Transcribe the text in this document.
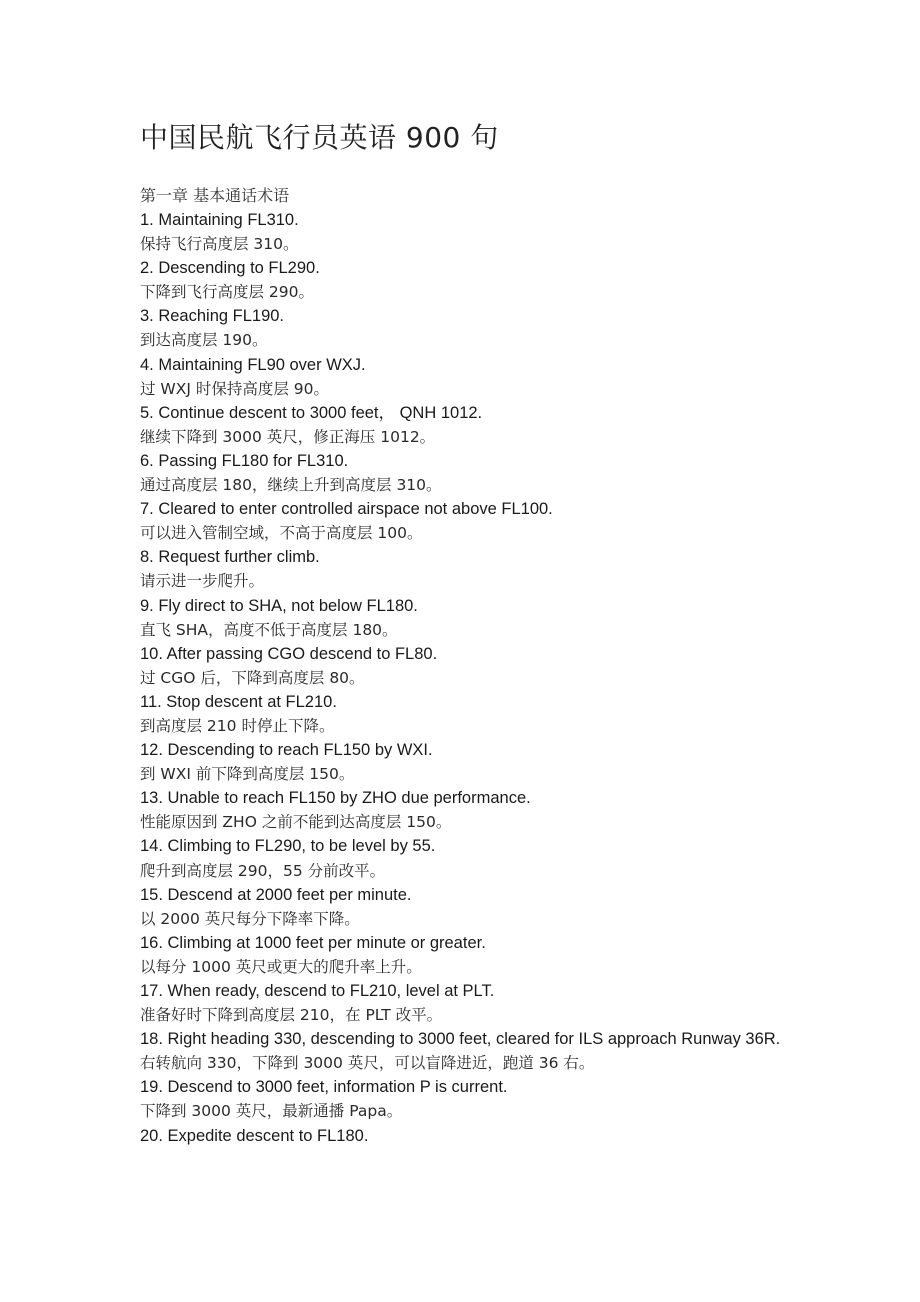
中国民航飞行员英语 900 句
第一章 基本通话术语
1. Maintaining FL310.
保持飞行高度层 310。
2. Descending to FL290.
下降到飞行高度层 290。
3. Reaching FL190.
到达高度层 190。
4. Maintaining FL90 over WXJ.
过 WXJ 时保持高度层 90。
5. Continue descent to 3000 feet， QNH 1012.
继续下降到 3000 英尺，修正海压 1012。
6. Passing FL180 for FL310.
通过高度层 180，继续上升到高度层 310。
7. Cleared to enter controlled airspace not above FL100.
可以进入管制空域，不高于高度层 100。
8. Request further climb.
请示进一步爬升。
9. Fly direct to SHA, not below FL180.
直飞 SHA，高度不低于高度层 180。
10. After passing CGO descend to FL80.
过 CGO 后，下降到高度层 80。
11. Stop descent at FL210.
到高度层 210 时停止下降。
12. Descending to reach FL150 by WXI.
到 WXI 前下降到高度层 150。
13. Unable to reach FL150 by ZHO due performance.
性能原因到 ZHO 之前不能到达高度层 150。
14. Climbing to FL290, to be level by 55.
爬升到高度层 290，55 分前改平。
15. Descend at 2000 feet per minute.
以 2000 英尺每分下降率下降。
16. Climbing at 1000 feet per minute or greater.
以每分 1000 英尺或更大的爬升率上升。
17. When ready, descend to FL210, level at PLT.
准备好时下降到高度层 210，在 PLT 改平。
18. Right heading 330, descending to 3000 feet, cleared for ILS approach Runway 36R.
右转航向 330，下降到 3000 英尺，可以盲降进近，跑道 36 右。
19. Descend to 3000 feet, information P is current.
下降到 3000 英尺，最新通播 Papa。
20. Expedite descent to FL180.
